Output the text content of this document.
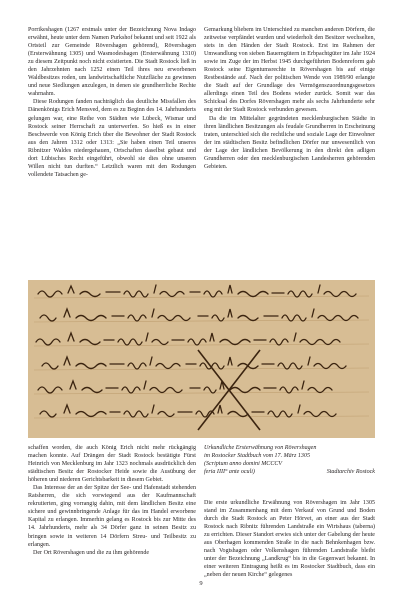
Porrikeshagen (1267 erstmals unter der Bezeichnung Nova Indago erwähnt, heute unter dem Namen Purkshof bekannt und seit 1922 als Ortsteil zur Gemeinde Rövershagen gehörend), Rövershagen (Ersterwähnung 1305) und Wasmodeshagen (Ersterwähnung 1310) zu diesem Zeitpunkt noch nicht existierten. Die Stadt Rostock ließ in den Jahrzehnten nach 1252 einen Teil ihres neu erworbenen Waldbesitzes roden, um landwirtschaftliche Nutzfläche zu gewinnen und neue Siedlungen anzulegen, in denen sie grundherrliche Rechte wahrnahm.

Diese Rodungen fanden nachträglich das deutliche Missfallen des Dänenkönigs Erich Mensved, dem es zu Beginn des 14. Jahrhunderts gelungen war, eine Reihe von Städten wie Lübeck, Wismar und Rostock seiner Herrschaft zu unterwerfen. So hieß es in einer Beschwerde von König Erich über die Bewohner der Stadt Rostock aus den Jahren 1312 oder 1313: „Sie haben einen Teil unseres Ribnitzer Waldes niedergehauen, Ortschaften daselbst gebaut und dort Lübisches Recht eingeführt, obwohl sie dies ohne unseren Willen nicht tun durften.“ Letztlich waren mit den Rodungen vollendete Tatsachen ge-

Gemarkung bliebem im Unterschied zu manchen anderen Dörfern, die zeitweise verpfändet wurden und wiederholt den Besitzer wechselten, stets in den Händen der Stadt Rostock. Erst im Rahmen der Umwandlung von sieben Bauerngütern in Erbpachtgüter im Jahr 1924 sowie im Zuge der im Herbst 1945 durchgeführten Bodenreform gab Rostock seine Eigentumsrechte in Rövershagen bis auf einige Restbestände auf. Nach der politischen Wende von 1989/90 erlangte die Stadt auf der Grundlage des Vermögenszuordnungsgesetzes allerdings einen Teil des Bodens wieder zurück. Somit war das Schicksal des Dorfes Rövershagen mehr als sechs Jahrhunderte sehr eng mit der Stadt Rostock verbunden gewesen.

Da die im Mittelalter gegründeten mecklenburgischen Städte in ihren ländlichen Besitzungen als feudale Grundherren in Erscheinung traten, unterschied sich die rechtliche und soziale Lage der Einwohner der im städtischen Besitz befindlichen Dörfer nur unwesentlich von der Lage der ländlichen Bevölkerung in den direkt den adligen Grundherren oder den mecklenburgischen Landesherren gehörenden Gebieten.

Urkundliche Ersterwähnung von Rövershagen

im Rostocker Stadtbuch vom 17. März 1305

(Scriptum anno domini MCCCV

feria IIII° ante oculi)	Stadtarchiv Rostock

schaffen worden, die auch König Erich nicht mehr rückgängig machen konnte. Auf Drängen der Stadt Rostock bestätigte Fürst Heinrich von Mecklenburg im Jahr 1323 nochmals ausdrücklich den städtischen Besitz der Rostocker Heide sowie die Ausübung der höheren und niederen Gerichtsbarkeit in diesem Gebiet.

Das Interesse der an der Spitze der See- und Hafenstadt stehenden Ratsherren, die sich vorwiegend aus der Kaufmannschaft rekrutierten, ging vorrangig dahin, mit dem ländlichen Besitz eine sichere und gewinnbringende Anlage für das im Handel erworbene Kapital zu erlangen. Immerhin gelang es Rostock bis zur Mitte des 14. Jahrhunderts, mehr als 34 Dörfer ganz in seinen Besitz zu bringen sowie in weiteren 14 Dörfern Streu- und Teilbesitz zu erlangen.

Der Ort Rövershagen und die zu ihm gehörende

Die erste urkundliche Erwähnung von Rövershagen im Jahr 1305 stand im Zusammenhang mit dem Verkauf von Grund und Boden durch die Stadt Rostock an Peter Hörvet, an einer aus der Stadt Rostock nach Ribnitz führenden Landstraße ein Wirtshaus (taberna) zu errichten. Dieser Standort erwies sich unter der Gabelung der heute aus Oberhagen kommenden Straße in die nach Behnkenhagen bzw. nach Vogtshagen oder Volkenshagen führenden Landstraße bleibt unter der Bezeichnung „Landkrug“ bis in die Gegenwart bekannt. In einer weiteren Eintragung heißt es im Rostocker Stadtbuch, dass ein „neben der neuen Kirche“ gelegenes

9
